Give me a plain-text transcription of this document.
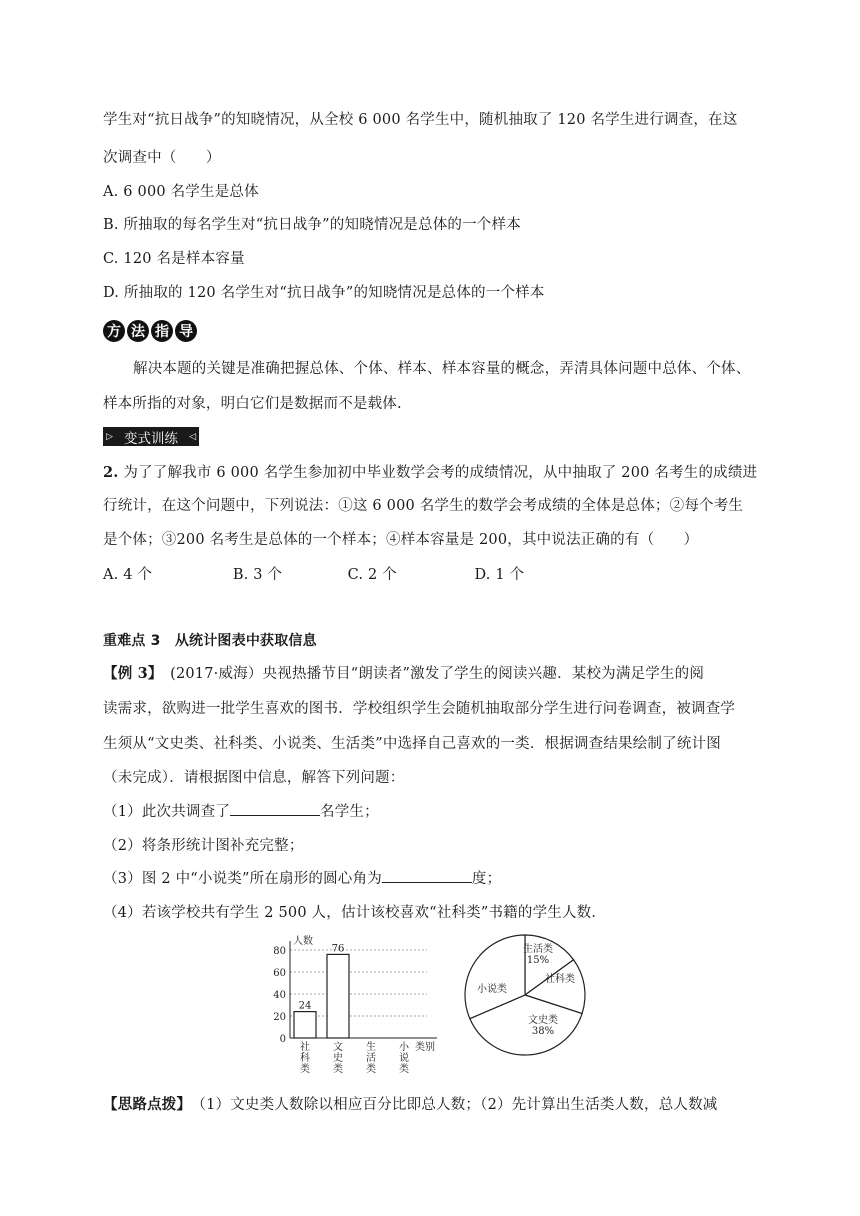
学生对“抗日战争”的知晓情况，从全校 6 000 名学生中，随机抽取了 120 名学生进行调查，在这
次调查中（　　）
A. 6 000 名学生是总体
B. 所抽取的每名学生对“抗日战争”的知晓情况是总体的一个样本
C. 120 名是样本容量
D. 所抽取的 120 名学生对“抗日战争”的知晓情况是总体的一个样本
方 法 指 导
解决本题的关键是准确把握总体、个体、样本、样本容量的概念，弄清具体问题中总体、个体、
样本所指的对象，明白它们是数据而不是载体.
▷ 变式训练 ◁
2. 为了了解我市 6 000 名学生参加初中毕业数学会考的成绩情况，从中抽取了 200 名考生的成绩进
行统计，在这个问题中，下列说法：①这 6 000 名学生的数学会考成绩的全体是总体；②每个考生
是个体；③200 名考生是总体的一个样本；④样本容量是 200，其中说法正确的有（　　）
A. 4 个	B. 3 个	C. 2 个	D. 1 个
重难点 3　从统计图表中获取信息
【例 3】　(2017·威海）央视热播节目“朗读者”激发了学生的阅读兴趣．某校为满足学生的阅
读需求，欲购进一批学生喜欢的图书．学校组织学生会随机抽取部分学生进行问卷调查，被调查学
生须从“文史类、社科类、小说类、生活类”中选择自己喜欢的一类．根据调查结果绘制了统计图
（未完成）．请根据图中信息，解答下列问题：
（1）此次共调查了	名学生；
（2）将条形统计图补充完整；
（3）图 2 中“小说类”所在扇形的圆心角为	度；
（4）若该学校共有学生 2 500 人，估计该校喜欢“社科类”书籍的学生人数．
0
20
40
60
80
人数
24
社科类
76
文史类
生活类
小说类
类别
生活类
15%
社科类
文史类
38%
小说类
【思路点拨】　（1）文史类人数除以相应百分比即总人数；（2）先计算出生活类人数，总人数减
